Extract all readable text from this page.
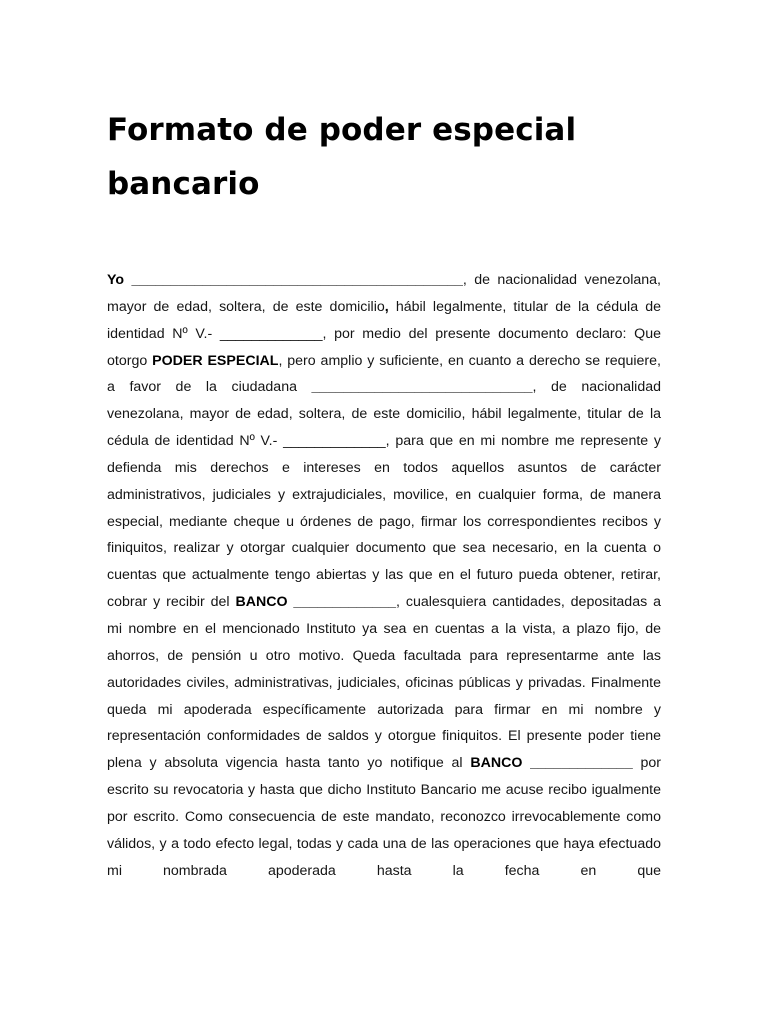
Formato de poder especial
bancario

Yo __________________________________________, de nacionalidad venezolana, mayor de edad, soltera, de este domicilio, hábil legalmente, titular de la cédula de identidad Nº V.- _____________, por medio del presente documento declaro: Que otorgo PODER ESPECIAL, pero amplio y suficiente, en cuanto a derecho se requiere, a favor de la ciudadana ____________________________, de nacionalidad venezolana, mayor de edad, soltera, de este domicilio, hábil legalmente, titular de la cédula de identidad Nº V.- _____________, para que en mi nombre me represente y defienda mis derechos e intereses en todos aquellos asuntos de carácter administrativos, judiciales y extrajudiciales, movilice, en cualquier forma, de manera especial, mediante cheque u órdenes de pago, firmar los correspondientes recibos y finiquitos, realizar y otorgar cualquier documento que sea necesario, en la cuenta o cuentas que actualmente tengo abiertas y las que en el futuro pueda obtener, retirar, cobrar y recibir del BANCO _____________, cualesquiera cantidades, depositadas a mi nombre en el mencionado Instituto ya sea en cuentas a la vista, a plazo fijo, de ahorros, de pensión u otro motivo. Queda facultada para representarme ante las autoridades civiles, administrativas, judiciales, oficinas públicas y privadas. Finalmente queda mi apoderada específicamente autorizada para firmar en mi nombre y representación conformidades de saldos y otorgue finiquitos. El presente poder tiene plena y absoluta vigencia hasta tanto yo notifique al BANCO _____________ por escrito su revocatoria y hasta que dicho Instituto Bancario me acuse recibo igualmente por escrito. Como consecuencia de este mandato, reconozco irrevocablemente como válidos, y a todo efecto legal, todas y cada una de las operaciones que haya efectuado mi nombrada apoderada hasta la fecha en que
